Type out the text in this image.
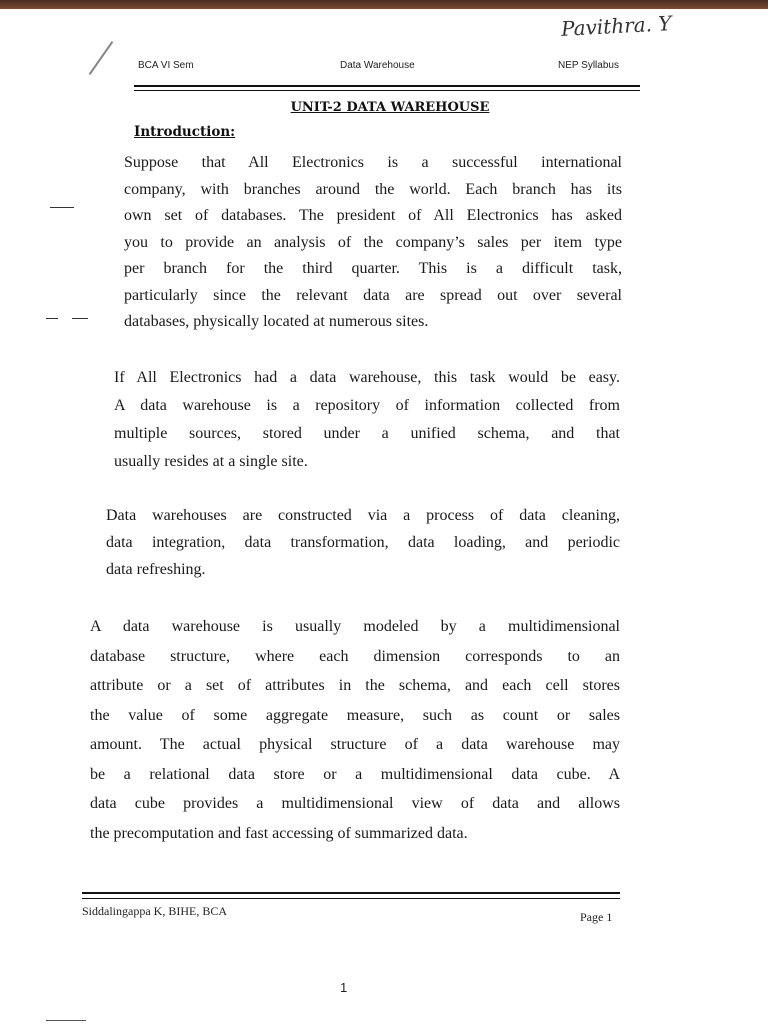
Pavithra. Y
BCA VI Sem	Data Warehouse	NEP Syllabus
UNIT-2 DATA WAREHOUSE
Introduction:
Suppose that All Electronics is a successful international
company, with branches around the world. Each branch has its
own set of databases. The president of All Electronics has asked
you to provide an analysis of the company’s sales per item type
per branch for the third quarter. This is a difficult task,
particularly since the relevant data are spread out over several
databases, physically located at numerous sites.
If All Electronics had a data warehouse, this task would be easy.
A data warehouse is a repository of information collected from
multiple sources, stored under a unified schema, and that
usually resides at a single site.
Data warehouses are constructed via a process of data cleaning,
data integration, data transformation, data loading, and periodic
data refreshing.
A data warehouse is usually modeled by a multidimensional
database structure, where each dimension corresponds to an
attribute or a set of attributes in the schema, and each cell stores
the value of some aggregate measure, such as count or sales
amount. The actual physical structure of a data warehouse may
be a relational data store or a multidimensional data cube. A
data cube provides a multidimensional view of data and allows
the precomputation and fast accessing of summarized data.
Siddalingappa K, BIHE, BCA	Page 1
1
